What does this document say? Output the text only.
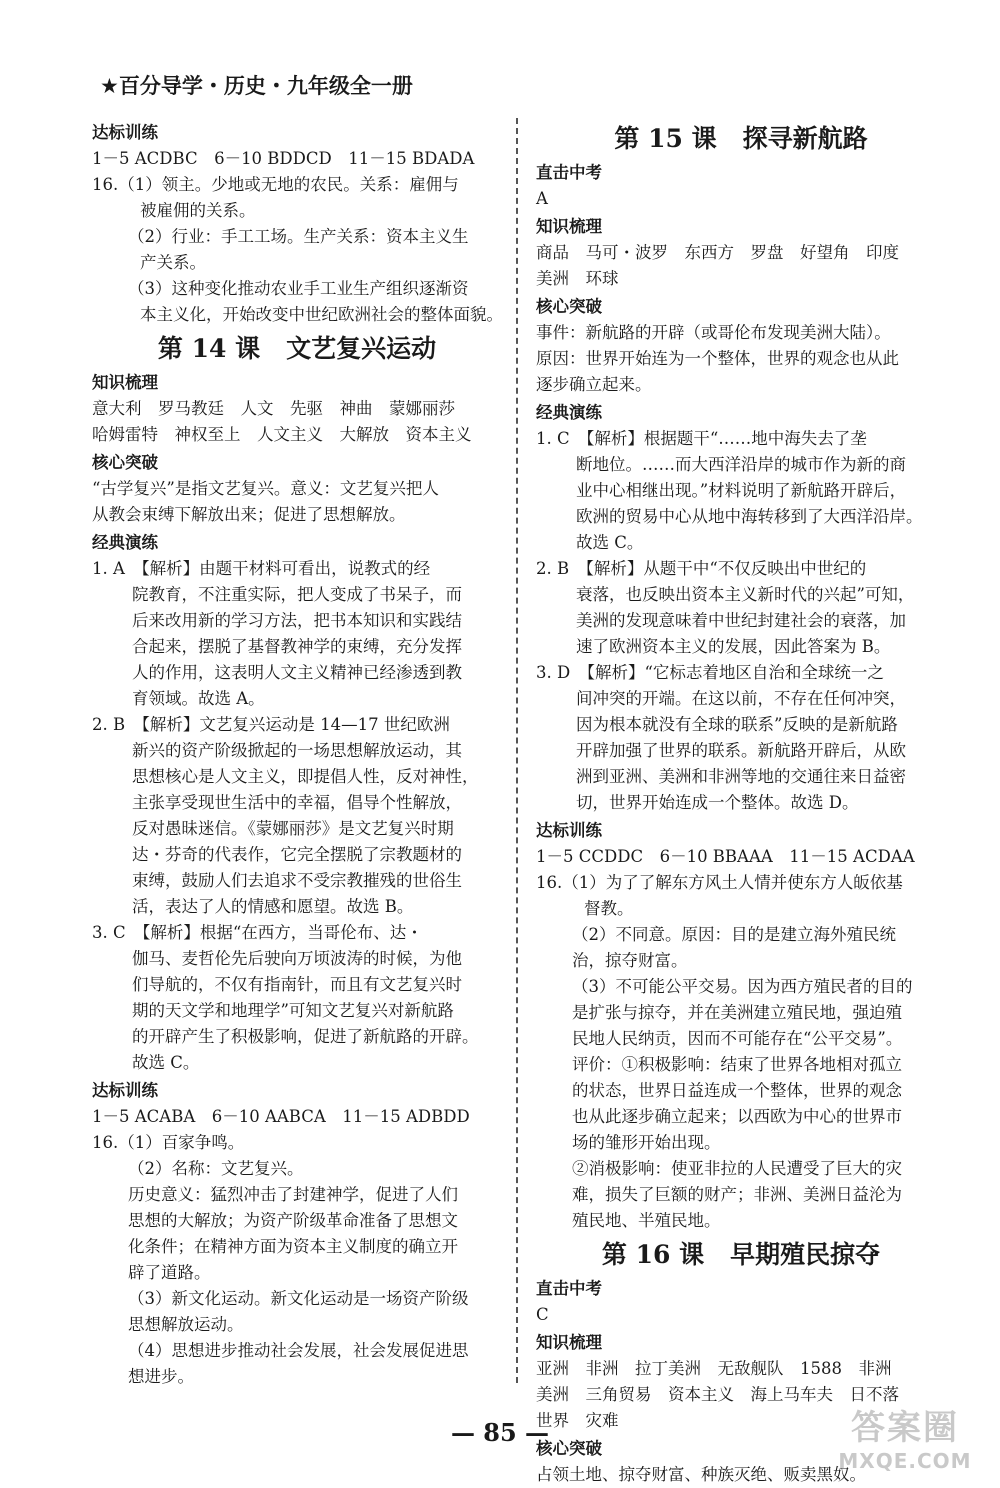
★百分导学・历史・九年级全一册
达标训练
1－5 ACDBC　6－10 BDDCD　11－15 BDADA
16.（1）领主。少地或无地的农民。关系：雇佣与
被雇佣的关系。
（2）行业：手工工场。生产关系：资本主义生
产关系。
（3）这种变化推动农业手工业生产组织逐渐资
本主义化，开始改变中世纪欧洲社会的整体面貌。
第 14 课 文艺复兴运动
知识梳理
意大利　罗马教廷　人文　先驱　神曲　蒙娜丽莎
哈姆雷特　神权至上　人文主义　大解放　资本主义
核心突破
“古学复兴”是指文艺复兴。意义：文艺复兴把人
从教会束缚下解放出来；促进了思想解放。
经典演练
1. A　【解析】由题干材料可看出，说教式的经
院教育，不注重实际，把人变成了书呆子，而
后来改用新的学习方法，把书本知识和实践结
合起来，摆脱了基督教神学的束缚，充分发挥
人的作用，这表明人文主义精神已经渗透到教
育领域。故选 A。
2. B　【解析】文艺复兴运动是 14—17 世纪欧洲
新兴的资产阶级掀起的一场思想解放运动，其
思想核心是人文主义，即提倡人性，反对神性，
主张享受现世生活中的幸福，倡导个性解放，
反对愚昧迷信。《蒙娜丽莎》是文艺复兴时期
达・芬奇的代表作，它完全摆脱了宗教题材的
束缚，鼓励人们去追求不受宗教摧残的世俗生
活，表达了人的情感和愿望。故选 B。
3. C　【解析】根据“在西方，当哥伦布、达・
伽马、麦哲伦先后驶向万顷波涛的时候，为他
们导航的，不仅有指南针，而且有文艺复兴时
期的天文学和地理学”可知文艺复兴对新航路
的开辟产生了积极影响，促进了新航路的开辟。
故选 C。
达标训练
1－5 ACABA　6－10 AABCA　11－15 ADBDD
16.（1）百家争鸣。
（2）名称：文艺复兴。
历史意义：猛烈冲击了封建神学，促进了人们
思想的大解放；为资产阶级革命准备了思想文
化条件；在精神方面为资本主义制度的确立开
辟了道路。
（3）新文化运动。新文化运动是一场资产阶级
思想解放运动。
（4）思想进步推动社会发展，社会发展促进思
想进步。
第 15 课 探寻新航路
直击中考
A
知识梳理
商品　马可・波罗　东西方　罗盘　好望角　印度
美洲　环球
核心突破
事件：新航路的开辟（或哥伦布发现美洲大陆）。
原因：世界开始连为一个整体，世界的观念也从此
逐步确立起来。
经典演练
1. C　【解析】根据题干“……地中海失去了垄
断地位。……而大西洋沿岸的城市作为新的商
业中心相继出现。”材料说明了新航路开辟后，
欧洲的贸易中心从地中海转移到了大西洋沿岸。
故选 C。
2. B　【解析】从题干中“不仅反映出中世纪的
衰落，也反映出资本主义新时代的兴起”可知，
美洲的发现意味着中世纪封建社会的衰落，加
速了欧洲资本主义的发展，因此答案为 B。
3. D　【解析】“它标志着地区自治和全球统一之
间冲突的开端。在这以前，不存在任何冲突，
因为根本就没有全球的联系”反映的是新航路
开辟加强了世界的联系。新航路开辟后，从欧
洲到亚洲、美洲和非洲等地的交通往来日益密
切，世界开始连成一个整体。故选 D。
达标训练
1－5 CCDDC　6－10 BBAAA　11－15 ACDAA
16.（1）为了了解东方风土人情并使东方人皈依基
督教。
（2）不同意。原因：目的是建立海外殖民统
治，掠夺财富。
（3）不可能公平交易。因为西方殖民者的目的
是扩张与掠夺，并在美洲建立殖民地，强迫殖
民地人民纳贡，因而不可能存在“公平交易”。
评价：①积极影响：结束了世界各地相对孤立
的状态，世界日益连成一个整体，世界的观念
也从此逐步确立起来；以西欧为中心的世界市
场的雏形开始出现。
②消极影响：使亚非拉的人民遭受了巨大的灾
难，损失了巨额的财产；非洲、美洲日益沦为
殖民地、半殖民地。
第 16 课 早期殖民掠夺
直击中考
C
知识梳理
亚洲　非洲　拉丁美洲　无敌舰队　1588　非洲
美洲　三角贸易　资本主义　海上马车夫　日不落
世界　灾难
核心突破
占领土地、掠夺财富、种族灭绝、贩卖黑奴。
— 85 —	答案圈
MXQE.COM
